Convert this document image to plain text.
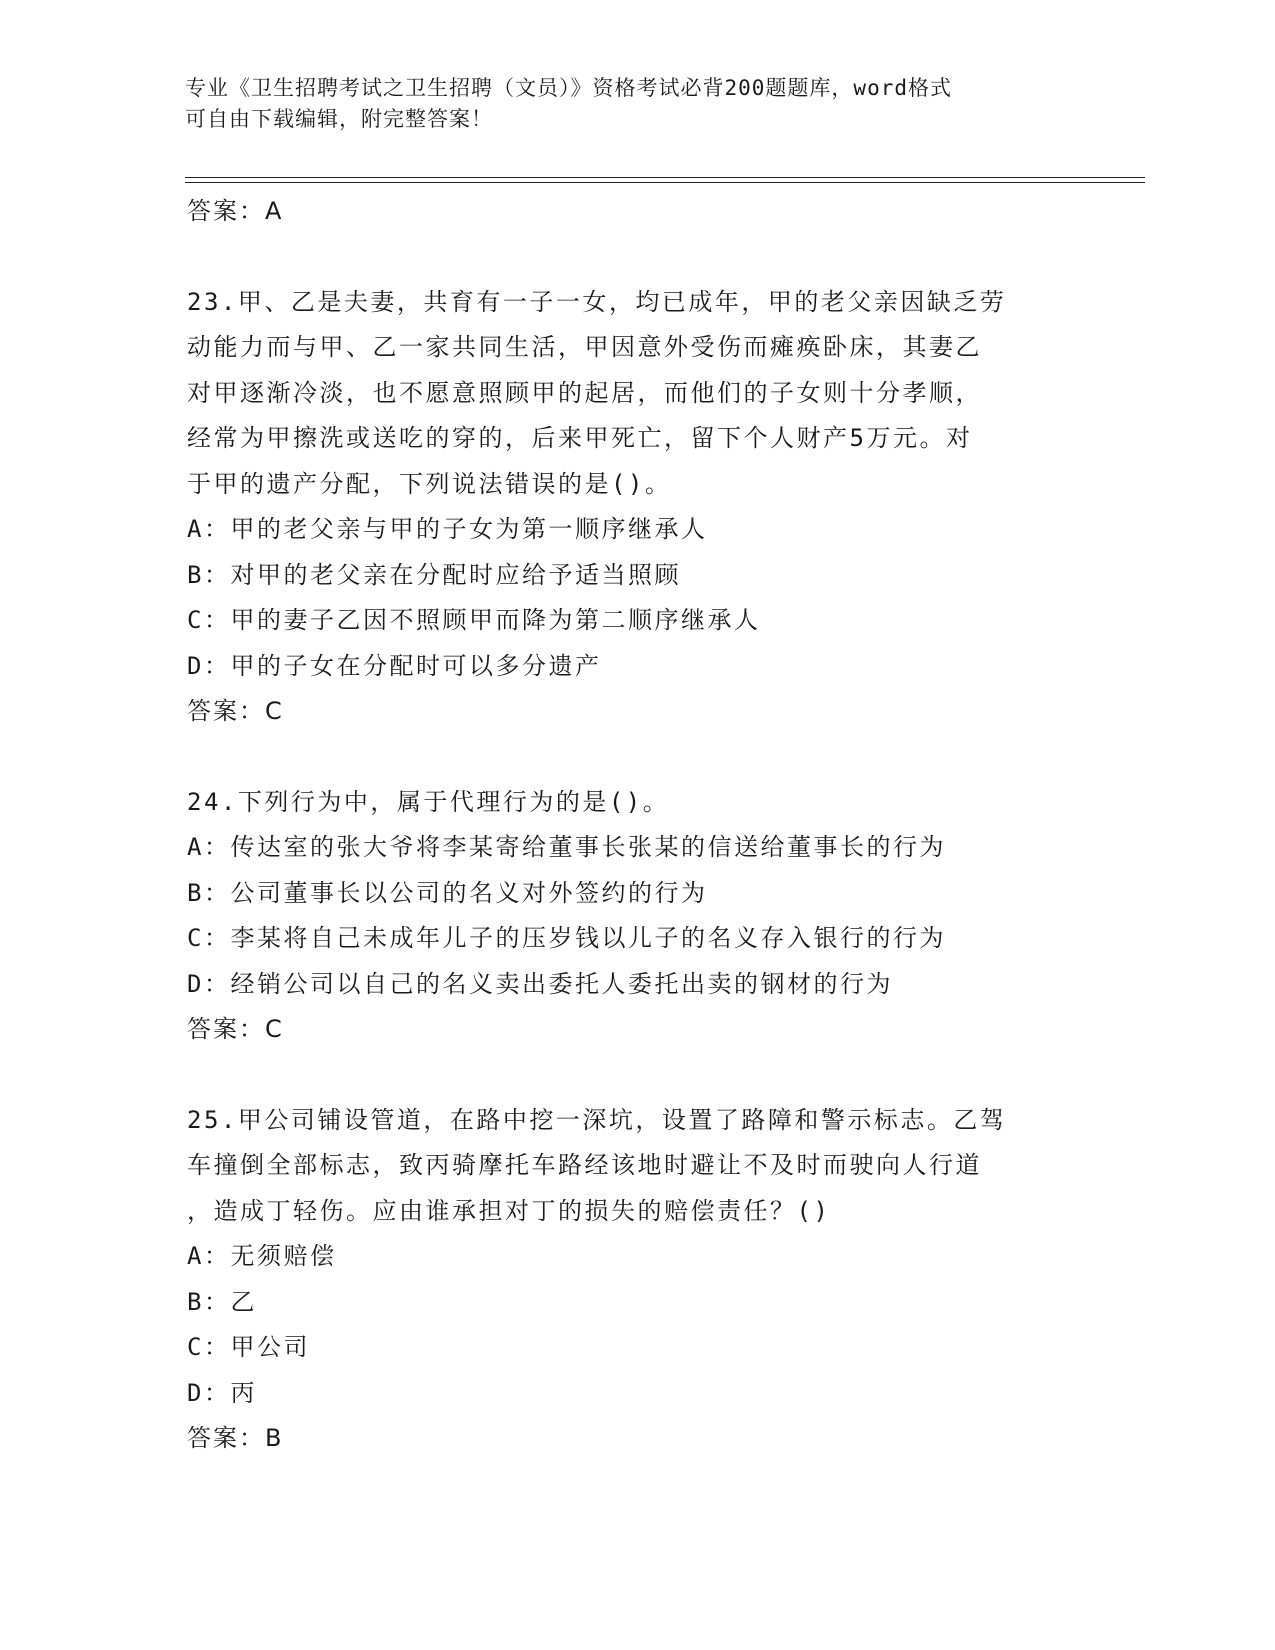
专业《卫生招聘考试之卫生招聘（文员）》资格考试必背200题题库，word格式
可自由下载编辑，附完整答案！
答案：A
23.甲、乙是夫妻，共育有一子一女，均已成年，甲的老父亲因缺乏劳
动能力而与甲、乙一家共同生活，甲因意外受伤而瘫痪卧床，其妻乙
对甲逐渐冷淡，也不愿意照顾甲的起居，而他们的子女则十分孝顺，
经常为甲擦洗或送吃的穿的，后来甲死亡，留下个人财产5万元。对
于甲的遗产分配，下列说法错误的是()。
A：甲的老父亲与甲的子女为第一顺序继承人
B：对甲的老父亲在分配时应给予适当照顾
C：甲的妻子乙因不照顾甲而降为第二顺序继承人
D：甲的子女在分配时可以多分遗产
答案：C
24.下列行为中，属于代理行为的是()。
A：传达室的张大爷将李某寄给董事长张某的信送给董事长的行为
B：公司董事长以公司的名义对外签约的行为
C：李某将自己未成年儿子的压岁钱以儿子的名义存入银行的行为
D：经销公司以自己的名义卖出委托人委托出卖的钢材的行为
答案：C
25.甲公司铺设管道，在路中挖一深坑，设置了路障和警示标志。乙驾
车撞倒全部标志，致丙骑摩托车路经该地时避让不及时而驶向人行道
，造成丁轻伤。应由谁承担对丁的损失的赔偿责任？()
A：无须赔偿
B：乙
C：甲公司
D：丙
答案：B
